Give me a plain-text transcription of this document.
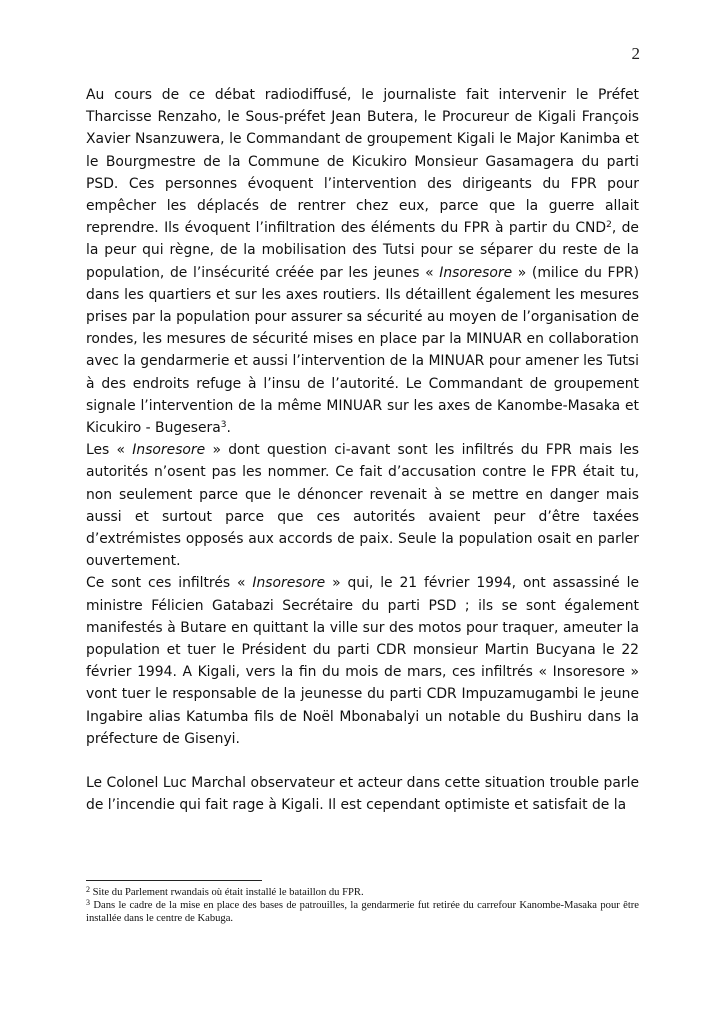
2

Au cours de ce débat radiodiffusé, le journaliste fait intervenir le Préfet Tharcisse Renzaho, le Sous-préfet Jean Butera, le Procureur de Kigali François Xavier Nsanzuwera, le Commandant de groupement Kigali le Major Kanimba et le Bourgmestre de la Commune de Kicukiro Monsieur Gasamagera du parti PSD. Ces personnes évoquent l’intervention des dirigeants du FPR pour empêcher les déplacés de rentrer chez eux, parce que la guerre allait reprendre. Ils évoquent l’infiltration des éléments du FPR à partir du CND$^2$, de la peur qui règne, de la mobilisation des Tutsi pour se séparer du reste de la population, de l’insécurité créée par les jeunes « Insoresore » (milice du FPR) dans les quartiers et sur les axes routiers. Ils détaillent également les mesures prises par la population pour assurer sa sécurité au moyen de l’organisation de rondes, les mesures de sécurité mises en place par la MINUAR en collaboration avec la gendarmerie et aussi l’intervention de la MINUAR pour amener les Tutsi à des endroits refuge à l’insu de l’autorité. Le Commandant de groupement signale l’intervention de la même MINUAR sur les axes de Kanombe-Masaka et Kicukiro - Bugesera$^3$.

Les « Insoresore » dont question ci-avant sont les infiltrés du FPR mais les autorités n’osent pas les nommer. Ce fait d’accusation contre le FPR était tu, non seulement parce que le dénoncer revenait à se mettre en danger mais aussi et surtout parce que ces autorités avaient peur d’être taxées d’extrémistes opposés aux accords de paix. Seule la population osait en parler ouvertement.

Ce sont ces infiltrés « Insoresore » qui, le 21 février 1994, ont assassiné le ministre Félicien Gatabazi Secrétaire du parti PSD ; ils se sont également manifestés à Butare en quittant la ville sur des motos pour traquer, ameuter la population et tuer le Président du parti CDR monsieur Martin Bucyana le 22 février 1994. A Kigali, vers la fin du mois de mars, ces infiltrés « Insoresore » vont tuer le responsable de la jeunesse du parti CDR Impuzamugambi le jeune Ingabire alias Katumba fils de Noël Mbonabalyi un notable du Bushiru dans la préfecture de Gisenyi.

Le Colonel Luc Marchal observateur et acteur dans cette situation trouble parle de l’incendie qui fait rage à Kigali. Il est cependant optimiste et satisfait de la

$^2$ Site du Parlement rwandais où était installé le bataillon du FPR.

$^3$ Dans le cadre de la mise en place des bases de patrouilles, la gendarmerie fut retirée du carrefour Kanombe-Masaka pour être installée dans le centre de Kabuga.
